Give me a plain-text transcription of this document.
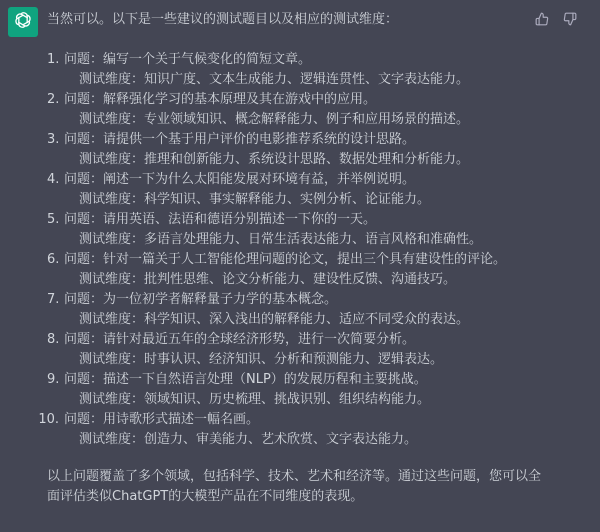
当然可以。以下是一些建议的测试题目以及相应的测试维度：

1. 问题：编写一个关于气候变化的简短文章。
测试维度：知识广度、文本生成能力、逻辑连贯性、文字表达能力。
2. 问题：解释强化学习的基本原理及其在游戏中的应用。
测试维度：专业领域知识、概念解释能力、例子和应用场景的描述。
3. 问题：请提供一个基于用户评价的电影推荐系统的设计思路。
测试维度：推理和创新能力、系统设计思路、数据处理和分析能力。
4. 问题：阐述一下为什么太阳能发展对环境有益，并举例说明。
测试维度：科学知识、事实解释能力、实例分析、论证能力。
5. 问题：请用英语、法语和德语分别描述一下你的一天。
测试维度：多语言处理能力、日常生活表达能力、语言风格和准确性。
6. 问题：针对一篇关于人工智能伦理问题的论文，提出三个具有建设性的评论。
测试维度：批判性思维、论文分析能力、建设性反馈、沟通技巧。
7. 问题：为一位初学者解释量子力学的基本概念。
测试维度：科学知识、深入浅出的解释能力、适应不同受众的表达。
8. 问题：请针对最近五年的全球经济形势，进行一次简要分析。
测试维度：时事认识、经济知识、分析和预测能力、逻辑表达。
9. 问题：描述一下自然语言处理（NLP）的发展历程和主要挑战。
测试维度：领域知识、历史梳理、挑战识别、组织结构能力。
10. 问题：用诗歌形式描述一幅名画。
测试维度：创造力、审美能力、艺术欣赏、文字表达能力。

以上问题覆盖了多个领域，包括科学、技术、艺术和经济等。通过这些问题，您可以全面评估类似ChatGPT的大模型产品在不同维度的表现。
